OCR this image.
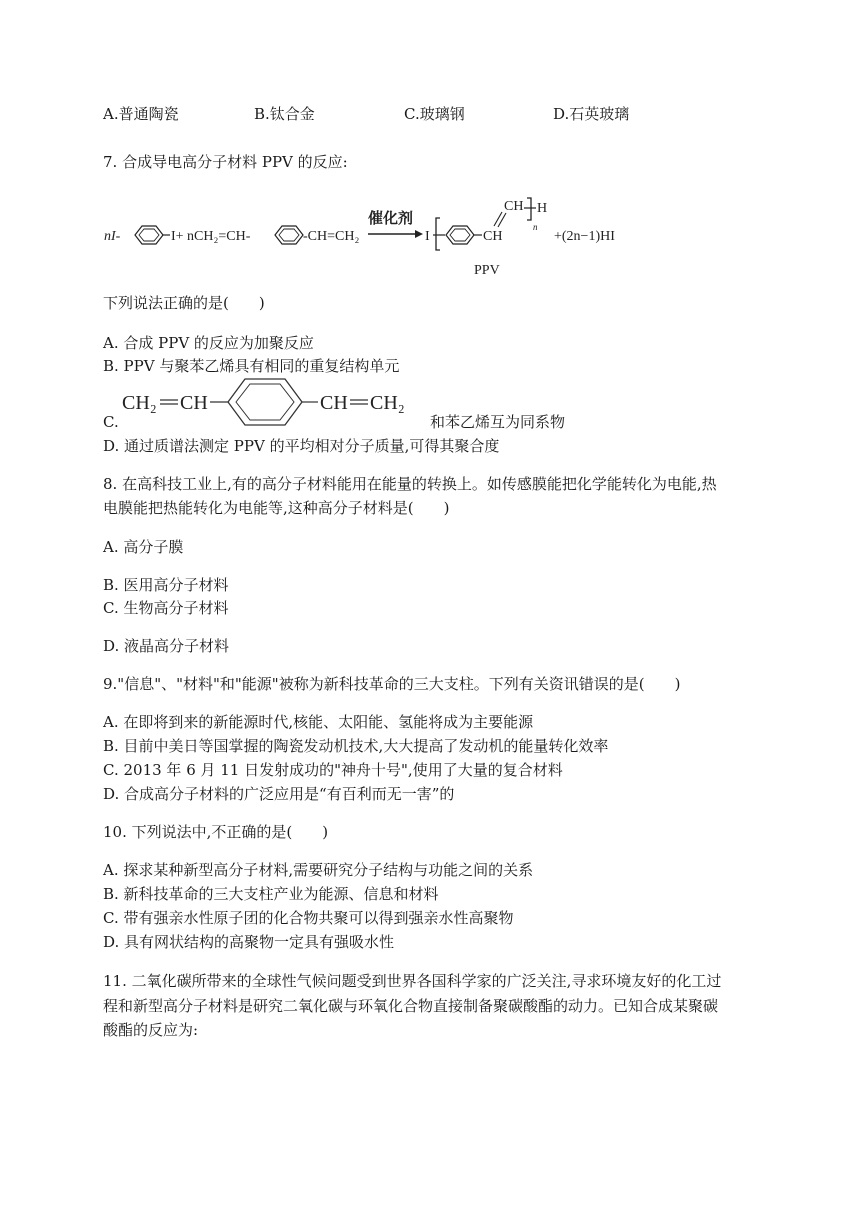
A.普通陶瓷	B.钛合金	C.玻璃钢	D.石英玻璃
7. 合成导电高分子材料 PPV 的反应:
nI-	I+ nCH₂=CH-	-CH=CH₂
催化剂
I	CH
CH H
n
+(2n−1)HI
PPV
下列说法正确的是(　　)
A. 合成 PPV 的反应为加聚反应
B. PPV 与聚苯乙烯具有相同的重复结构单元
C.
CH₂ CH	CH CH₂
和苯乙烯互为同系物
D. 通过质谱法测定 PPV 的平均相对分子质量,可得其聚合度
8. 在高科技工业上,有的高分子材料能用在能量的转换上。如传感膜能把化学能转化为电能,热
电膜能把热能转化为电能等,这种高分子材料是(　　)
A. 高分子膜
B. 医用高分子材料
C. 生物高分子材料
D. 液晶高分子材料
9."信息"、"材料"和"能源"被称为新科技革命的三大支柱。下列有关资讯错误的是(　　)
A. 在即将到来的新能源时代,核能、太阳能、氢能将成为主要能源
B. 目前中美日等国掌握的陶瓷发动机技术,大大提高了发动机的能量转化效率
C. 2013 年 6 月 11 日发射成功的"神舟十号",使用了大量的复合材料
D. 合成高分子材料的广泛应用是“有百利而无一害”的
10. 下列说法中,不正确的是(　　)
A. 探求某种新型高分子材料,需要研究分子结构与功能之间的关系
B. 新科技革命的三大支柱产业为能源、信息和材料
C. 带有强亲水性原子团的化合物共聚可以得到强亲水性高聚物
D. 具有网状结构的高聚物一定具有强吸水性
11. 二氧化碳所带来的全球性气候问题受到世界各国科学家的广泛关注,寻求环境友好的化工过
程和新型高分子材料是研究二氧化碳与环氧化合物直接制备聚碳酸酯的动力。已知合成某聚碳
酸酯的反应为:
